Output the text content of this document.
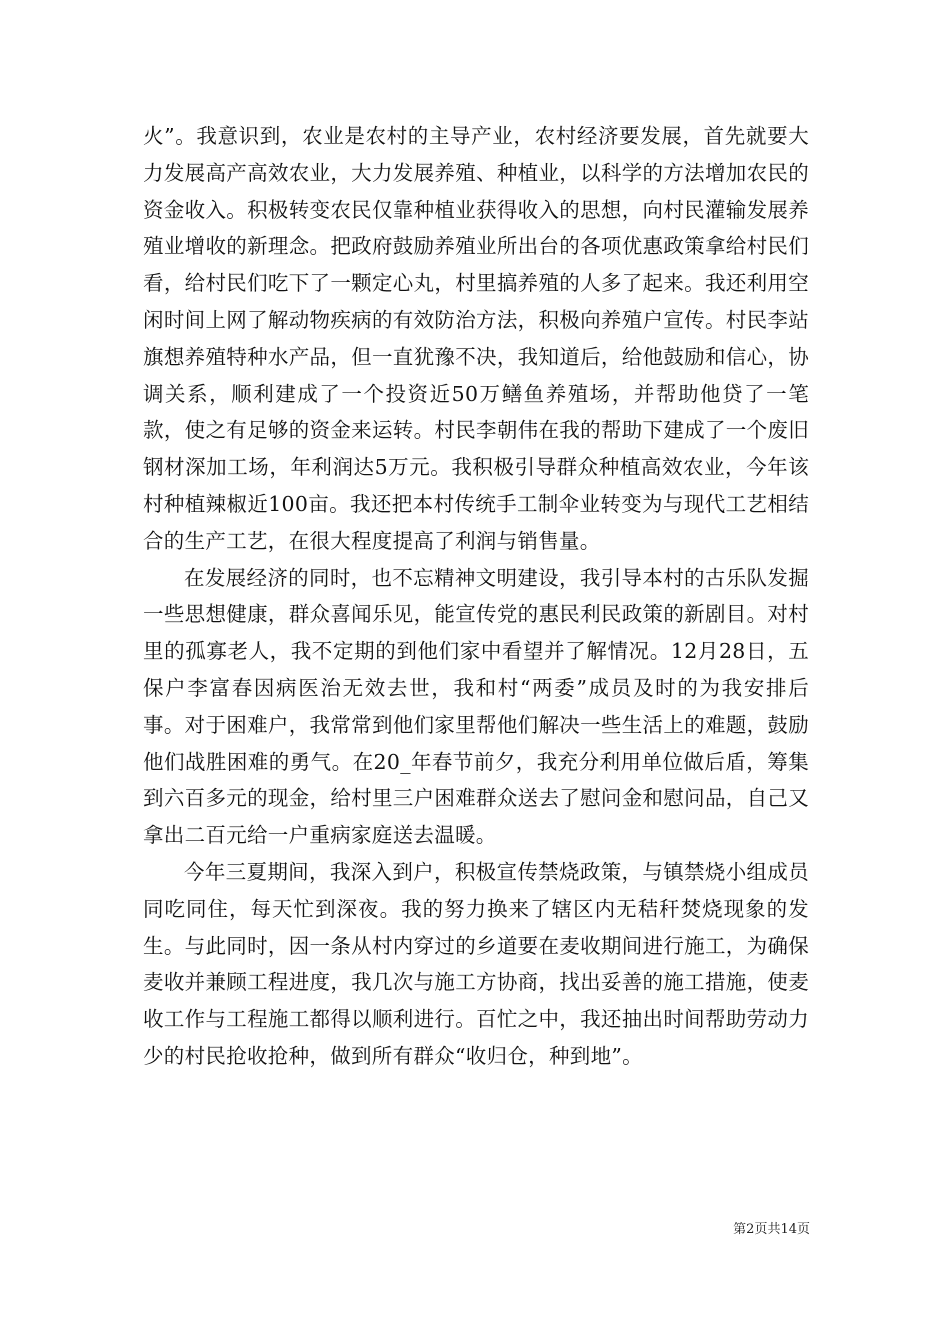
火”。我意识到，农业是农村的主导产业，农村经济要发展，首先就要大力发展高产高效农业，大力发展养殖、种植业，以科学的方法增加农民的资金收入。积极转变农民仅靠种植业获得收入的思想，向村民灌输发展养殖业增收的新理念。把政府鼓励养殖业所出台的各项优惠政策拿给村民们看，给村民们吃下了一颗定心丸，村里搞养殖的人多了起来。我还利用空闲时间上网了解动物疾病的有效防治方法，积极向养殖户宣传。村民李站旗想养殖特种水产品，但一直犹豫不决，我知道后，给他鼓励和信心，协调关系，顺利建成了一个投资近50万鳝鱼养殖场，并帮助他贷了一笔款，使之有足够的资金来运转。村民李朝伟在我的帮助下建成了一个废旧钢材深加工场，年利润达5万元。我积极引导群众种植高效农业，今年该村种植辣椒近100亩。我还把本村传统手工制伞业转变为与现代工艺相结合的生产工艺，在很大程度提高了利润与销售量。

在发展经济的同时，也不忘精神文明建设，我引导本村的古乐队发掘一些思想健康，群众喜闻乐见，能宣传党的惠民利民政策的新剧目。对村里的孤寡老人，我不定期的到他们家中看望并了解情况。12月28日，五保户李富春因病医治无效去世，我和村“两委”成员及时的为我安排后事。对于困难户，我常常到他们家里帮他们解决一些生活上的难题，鼓励他们战胜困难的勇气。在20_年春节前夕，我充分利用单位做后盾，筹集到六百多元的现金，给村里三户困难群众送去了慰问金和慰问品，自己又拿出二百元给一户重病家庭送去温暖。

今年三夏期间，我深入到户，积极宣传禁烧政策，与镇禁烧小组成员同吃同住，每天忙到深夜。我的努力换来了辖区内无秸秆焚烧现象的发生。与此同时，因一条从村内穿过的乡道要在麦收期间进行施工，为确保麦收并兼顾工程进度，我几次与施工方协商，找出妥善的施工措施，使麦收工作与工程施工都得以顺利进行。百忙之中，我还抽出时间帮助劳动力少的村民抢收抢种，做到所有群众“收归仓，种到地”。

第2页共14页
